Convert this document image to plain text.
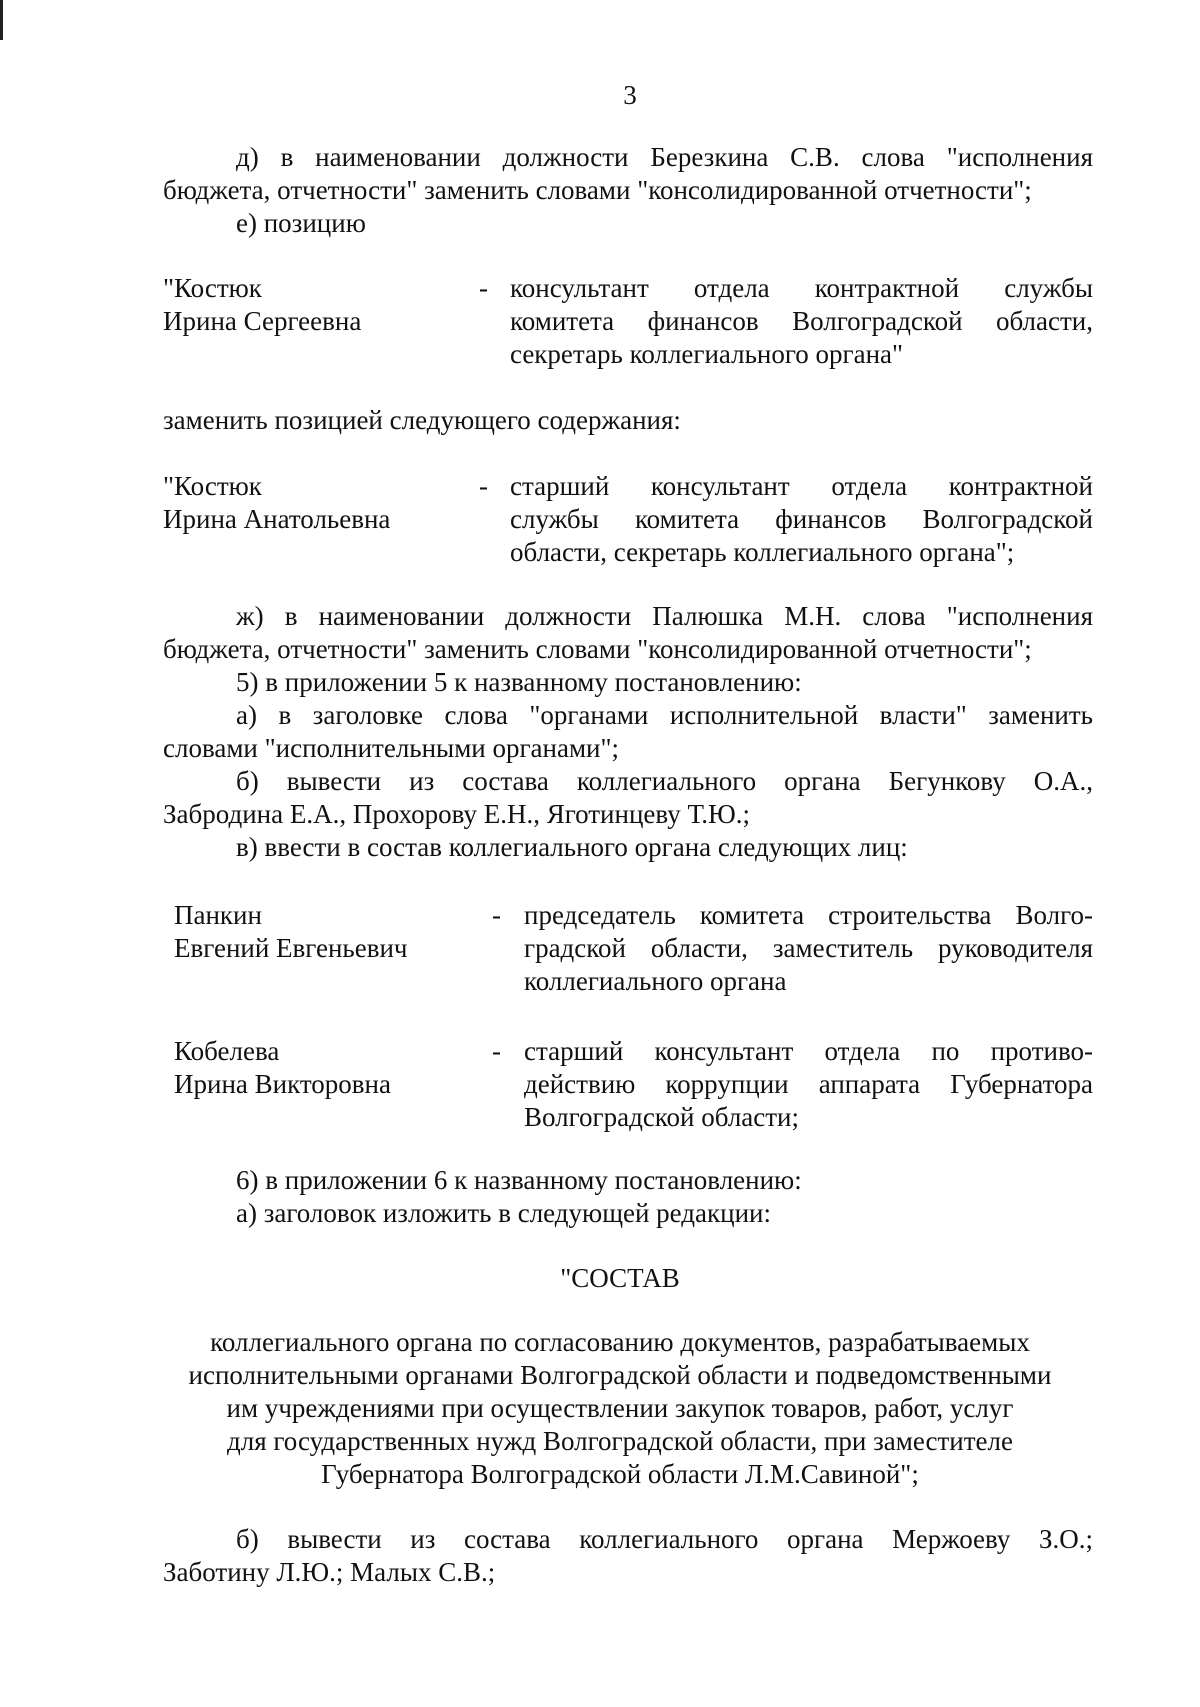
3
д) в наименовании должности Березкина С.В. слова "исполнения
бюджета, отчетности" заменить словами "консолидированной отчетности";
е) позицию
"Костюк
Ирина Сергеевна
- консультант отдела контрактной службы
комитета финансов Волгоградской области,
секретарь коллегиального органа"
заменить позицией следующего содержания:
"Костюк
Ирина Анатольевна
- старший консультант отдела контрактной
службы комитета финансов Волгоградской
области, секретарь коллегиального органа";
ж) в наименовании должности Палюшка М.Н. слова "исполнения
бюджета, отчетности" заменить словами "консолидированной отчетности";
5) в приложении 5 к названному постановлению:
а) в заголовке слова "органами исполнительной власти" заменить
словами "исполнительными органами";
б) вывести из состава коллегиального органа Бегункову О.А.,
Забродина Е.А., Прохорову Е.Н., Яготинцеву Т.Ю.;
в) ввести в состав коллегиального органа следующих лиц:
Панкин
Евгений Евгеньевич
- председатель комитета строительства Волго-
градской области, заместитель руководителя
коллегиального органа
Кобелева
Ирина Викторовна
- старший консультант отдела по противо-
действию коррупции аппарата Губернатора
Волгоградской области;
6) в приложении 6 к названному постановлению:
а) заголовок изложить в следующей редакции:
"СОСТАВ
коллегиального органа по согласованию документов, разрабатываемых
исполнительными органами Волгоградской области и подведомственными
им учреждениями при осуществлении закупок товаров, работ, услуг
для государственных нужд Волгоградской области, при заместителе
Губернатора Волгоградской области Л.М.Савиной";
б) вывести из состава коллегиального органа Мержоеву З.О.;
Заботину Л.Ю.; Малых С.В.;
